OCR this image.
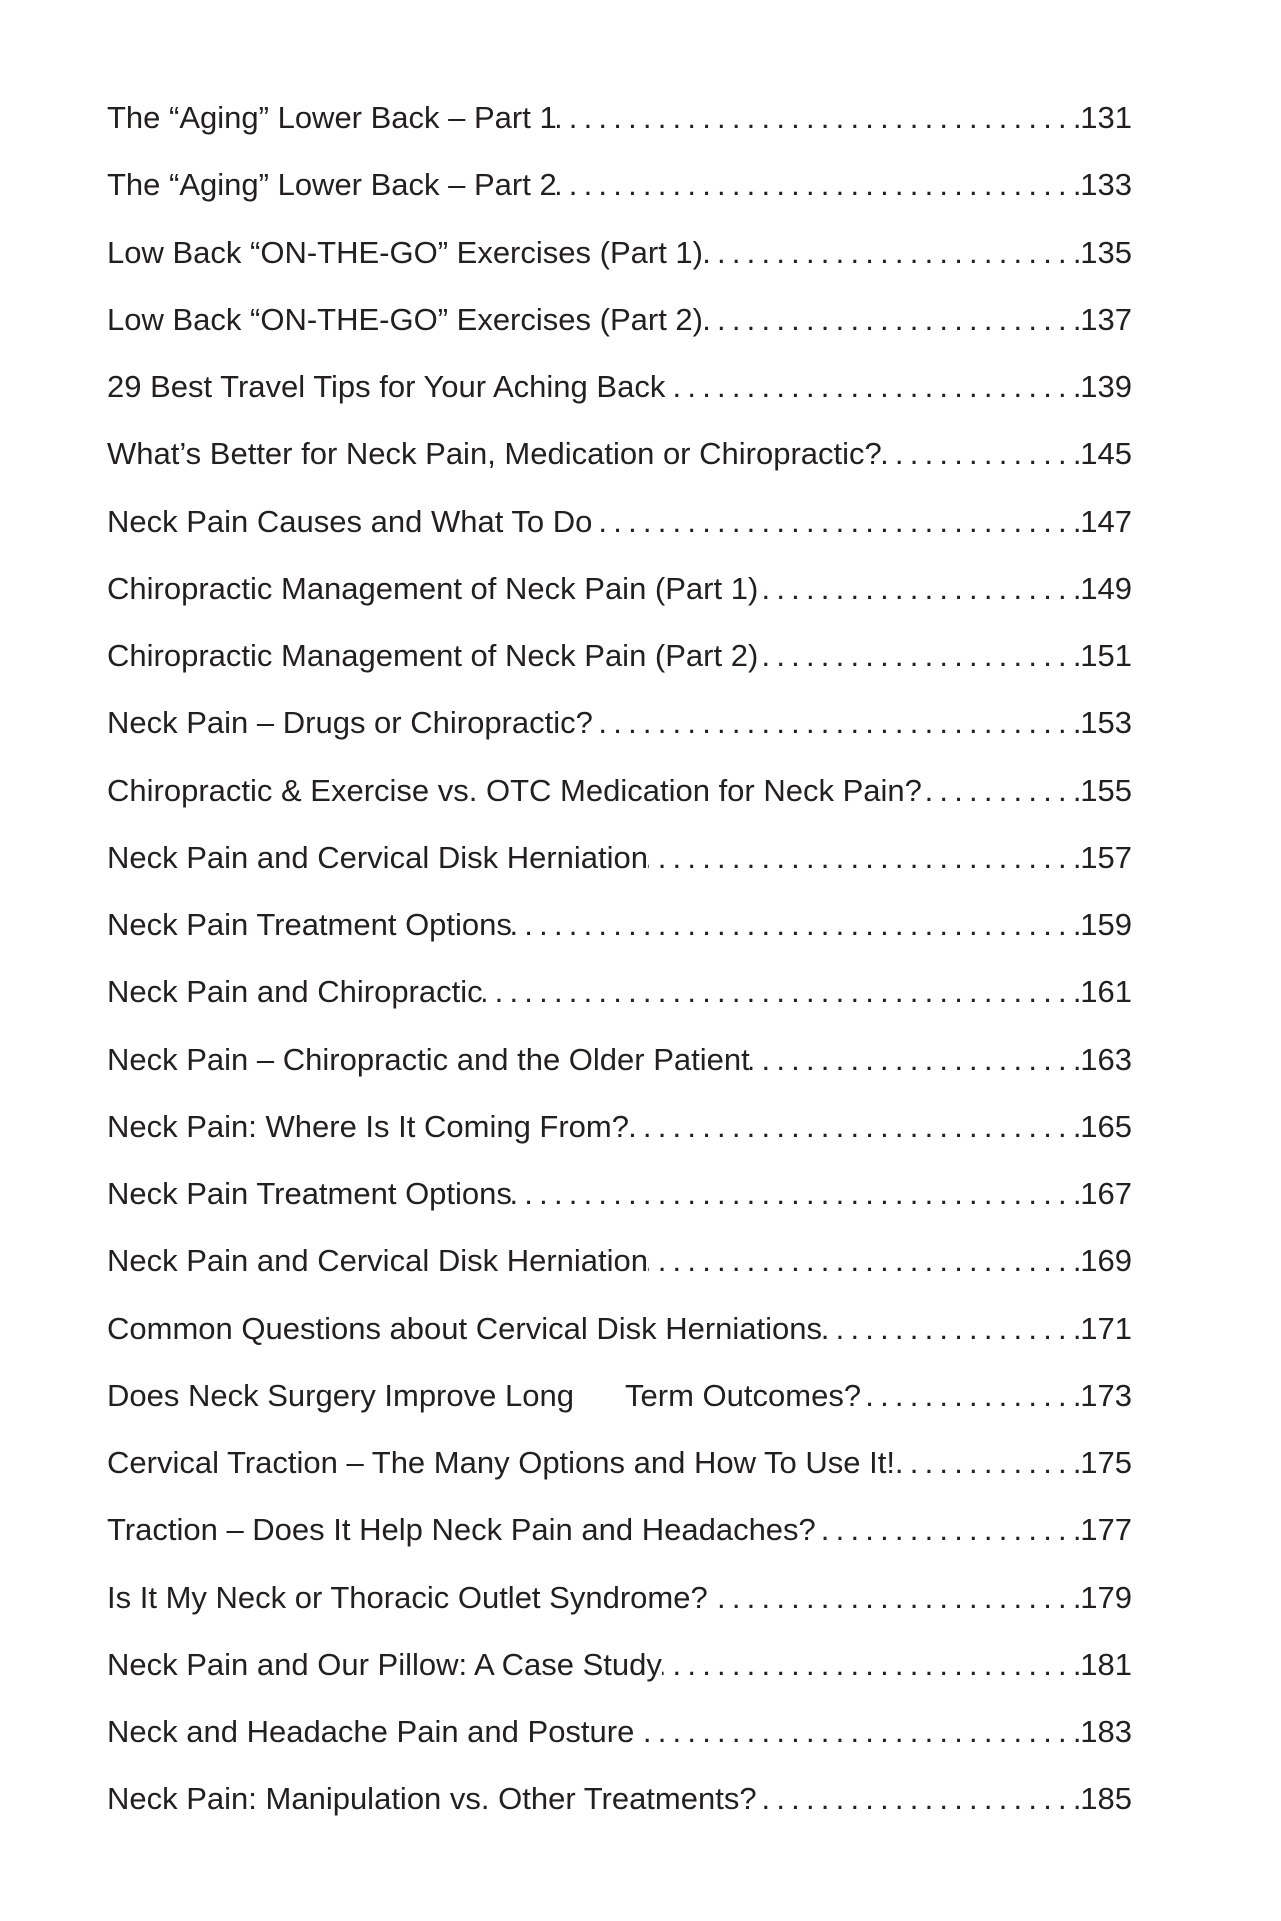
The “Aging” Lower Back – Part 1 . . .	131
The “Aging” Lower Back – Part 2 . . .	133
Low Back “ON-THE-GO” Exercises (Part 1) . . .	135
Low Back “ON-THE-GO” Exercises (Part 2) . . .	137
29 Best Travel Tips for Your Aching Back . . .	139
What’s Better for Neck Pain, Medication or Chiropractic? . . .	145
Neck Pain Causes and What To Do . . .	147
Chiropractic Management of Neck Pain (Part 1) . . .	149
Chiropractic Management of Neck Pain (Part 2) . . .	151
Neck Pain – Drugs or Chiropractic? . . .	153
Chiropractic & Exercise vs. OTC Medication for Neck Pain? . . .	155
Neck Pain and Cervical Disk Herniation . . .	157
Neck Pain Treatment Options . . .	159
Neck Pain and Chiropractic . . .	161
Neck Pain – Chiropractic and the Older Patient . . .	163
Neck Pain: Where Is It Coming From? . . .	165
Neck Pain Treatment Options . . .	167
Neck Pain and Cervical Disk Herniation . . .	169
Common Questions about Cervical Disk Herniations . . .	171
Does Neck Surgery Improve Long      Term Outcomes? . . .	173
Cervical Traction – The Many Options and How To Use It! . . .	175
Traction – Does It Help Neck Pain and Headaches? . . .	177
Is It My Neck or Thoracic Outlet Syndrome? . . .	179
Neck Pain and Our Pillow: A Case Study . . .	181
Neck and Headache Pain and Posture . . .	183
Neck Pain: Manipulation vs. Other Treatments? . . .	185
